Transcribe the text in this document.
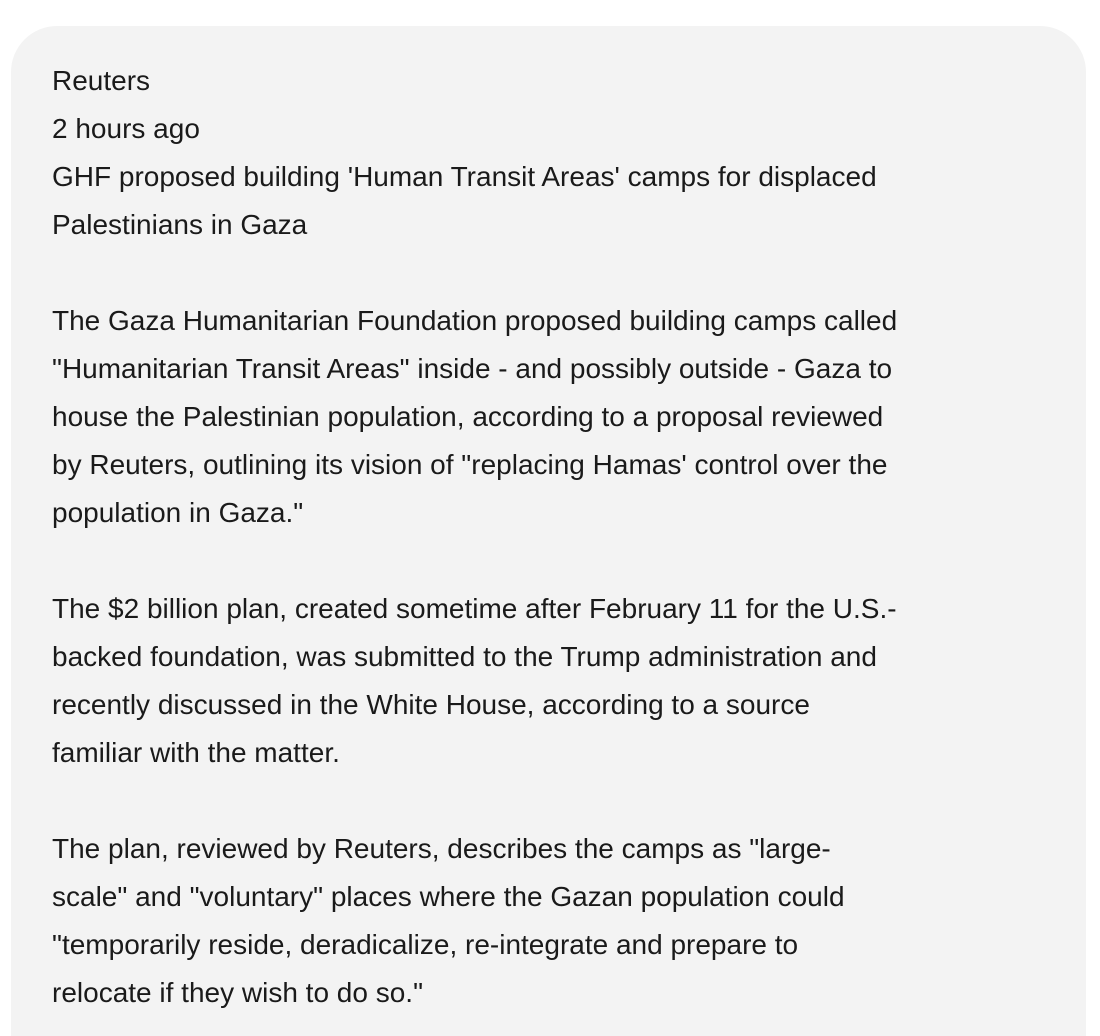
Reuters

2 hours ago

GHF proposed building 'Human Transit Areas' camps for displaced

Palestinians in Gaza

The Gaza Humanitarian Foundation proposed building camps called

"Humanitarian Transit Areas" inside - and possibly outside - Gaza to

house the Palestinian population, according to a proposal reviewed

by Reuters, outlining its vision of "replacing Hamas' control over the

population in Gaza."

The $2 billion plan, created sometime after February 11 for the U.S.-

backed foundation, was submitted to the Trump administration and

recently discussed in the White House, according to a source

familiar with the matter.

The plan, reviewed by Reuters, describes the camps as "large-

scale" and "voluntary" places where the Gazan population could

"temporarily reside, deradicalize, re-integrate and prepare to

relocate if they wish to do so."
